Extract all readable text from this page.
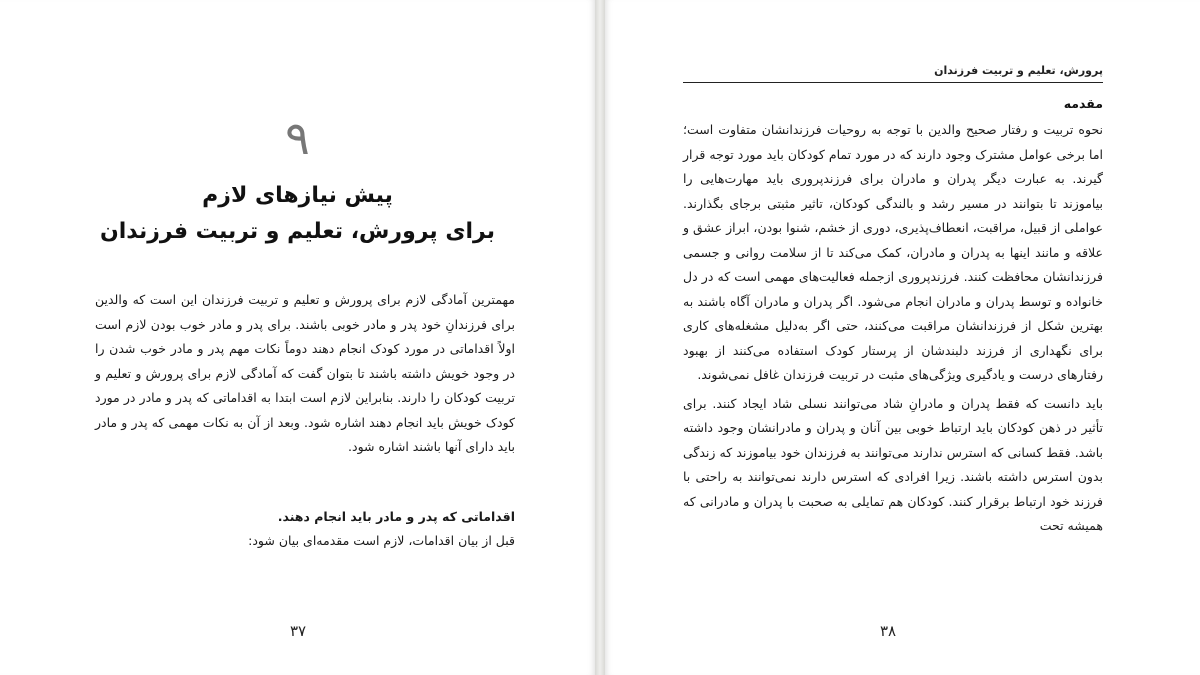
۹
پیش نیازهای لازم
برای پرورش، تعلیم و تربیت فرزندان
مهمترین آمادگی لازم برای پرورش و تعلیم و تربیت فرزندان این است که والدین برای فرزندانِ خود پدر و مادر خوبی باشند. برای پدر و مادر خوب بودن لازم است اولاً اقداماتی در مورد کودک انجام دهند دوماً نکات مهم پدر و مادر خوب شدن را در وجود خویش داشته باشند تا بتوان گفت که آمادگی لازم برای پرورش و تعلیم و تربیت کودکان را دارند. بنابراین لازم است ابتدا به اقداماتی که پدر و مادر در مورد کودک خویش باید انجام دهند اشاره شود. وبعد از آن به نکات مهمی که پدر و مادر باید دارای آنها باشند اشاره شود.
اقداماتی که پدر و مادر باید انجام دهند.
قبل از بیان اقدامات، لازم است مقدمه‌ای بیان شود:
۳۷
پرورش، تعلیم و تربیت فرزندان
مقدمه

نحوه تربیت و رفتار صحیح والدین با توجه به روحیات فرزندانشان متفاوت است؛ اما برخی عوامل مشترک وجود دارند که در مورد تمام کودکان باید مورد توجه قرار گیرند. به عبارت دیگر پدران و مادران برای فرزندپروری باید مهارت‌هایی را بیاموزند تا بتوانند در مسیر رشد و بالندگی کودکان، تاثیر مثبتی برجای بگذارند. عواملی از قبیل، مراقبت، انعطاف‌پذیری، دوری از خشم، شنوا بودن، ابراز عشق و علاقه و مانند اینها به پدران و مادران، کمک می‌کند تا از سلامت روانی و جسمی فرزندانشان محافظت کنند. فرزندپروری ازجمله فعالیت‌های مهمی است که در دل خانواده و توسط پدران و مادران انجام می‌شود. اگر پدران و مادران آگاه باشند به بهترین شکل از فرزندانشان مراقبت می‌کنند، حتی اگر به‌دلیل مشغله‌های کاری برای نگهداری از فرزند دلبندشان از پرستار کودک استفاده می‌کنند از بهبود رفتارهای درست و یادگیری ویژگی‌های مثبت در تربیت فرزندان غافل نمی‌شوند.

باید دانست که فقط پدران و مادرانِ شاد می‌توانند نسلی شاد ایجاد کنند. برای تأثیر در ذهن کودکان باید ارتباط خوبی بین آنان و پدران و مادرانشان وجود داشته باشد. فقط کسانی که استرس ندارند می‌توانند به فرزندان خود بیاموزند که زندگی بدون استرس داشته باشند. زیرا افرادی که استرس دارند نمی‌توانند به راحتی با فرزند خود ارتباط برقرار کنند. کودکان هم تمایلی به صحبت با پدران و مادرانی که همیشه تحت

۳۸
